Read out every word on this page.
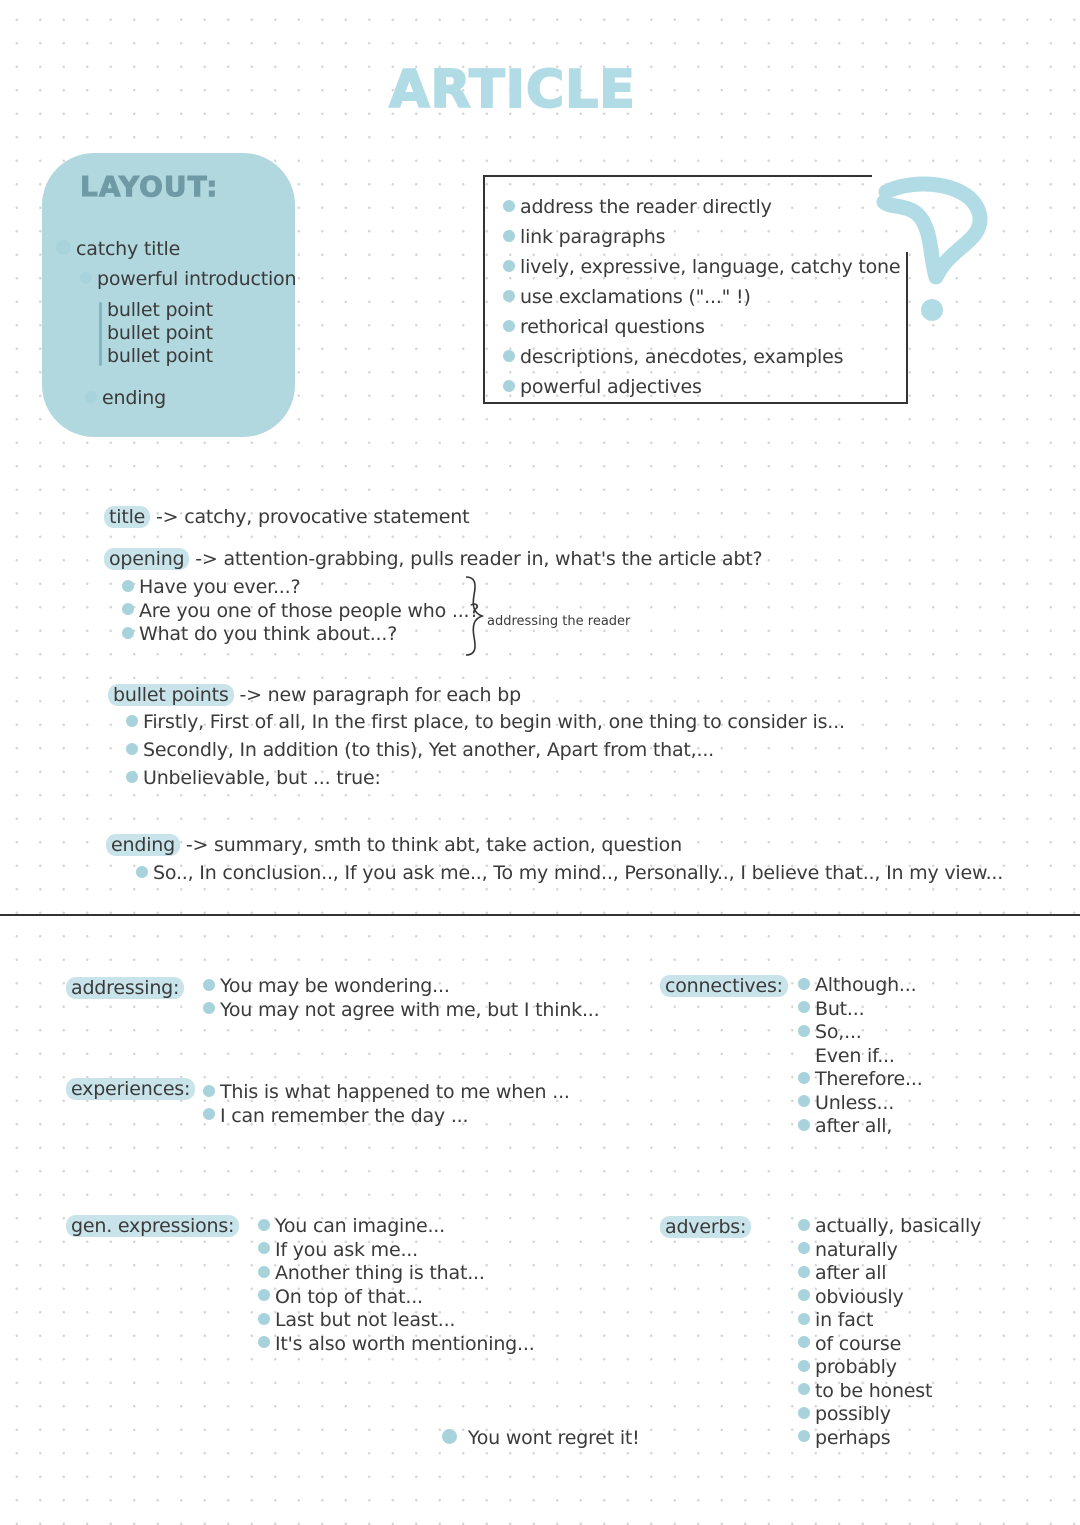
ARTICLE
LAYOUT:
catchy title
powerful introduction
bullet point
bullet point
bullet point
ending
address the reader directly
link paragraphs
lively, expressive, language, catchy tone
use exclamations ("..." !)
rethorical questions
descriptions, anecdotes, examples
powerful adjectives
title -> catchy, provocative statement
opening -> attention-grabbing, pulls reader in, what's the article abt?
Have you ever...?
Are you one of those people who ...?
What do you think about...?
addressing the reader
bullet points -> new paragraph for each bp
Firstly, First of all, In the first place, to begin with, one thing to consider is...
Secondly, In addition (to this), Yet another, Apart from that,...
Unbelievable, but ... true:
ending -> summary, smth to think abt, take action, question
So.., In conclusion.., If you ask me.., To my mind.., Personally.., I believe that.., In my view...
addressing:	You may be wondering...
You may not agree with me, but I think...
experiences:	This is what happened to me when ...
I can remember the day ...
gen. expressions:	You can imagine...
If you ask me...
Another thing is that...
On top of that...
Last but not least...
It's also worth mentioning...
connectives:	Although...
But...
So,...
Even if...
Therefore...
Unless...
after all,
adverbs:	actually, basically
naturally
after all
obviously
in fact
of course
probably
to be honest
possibly
perhaps
You wont regret it!
